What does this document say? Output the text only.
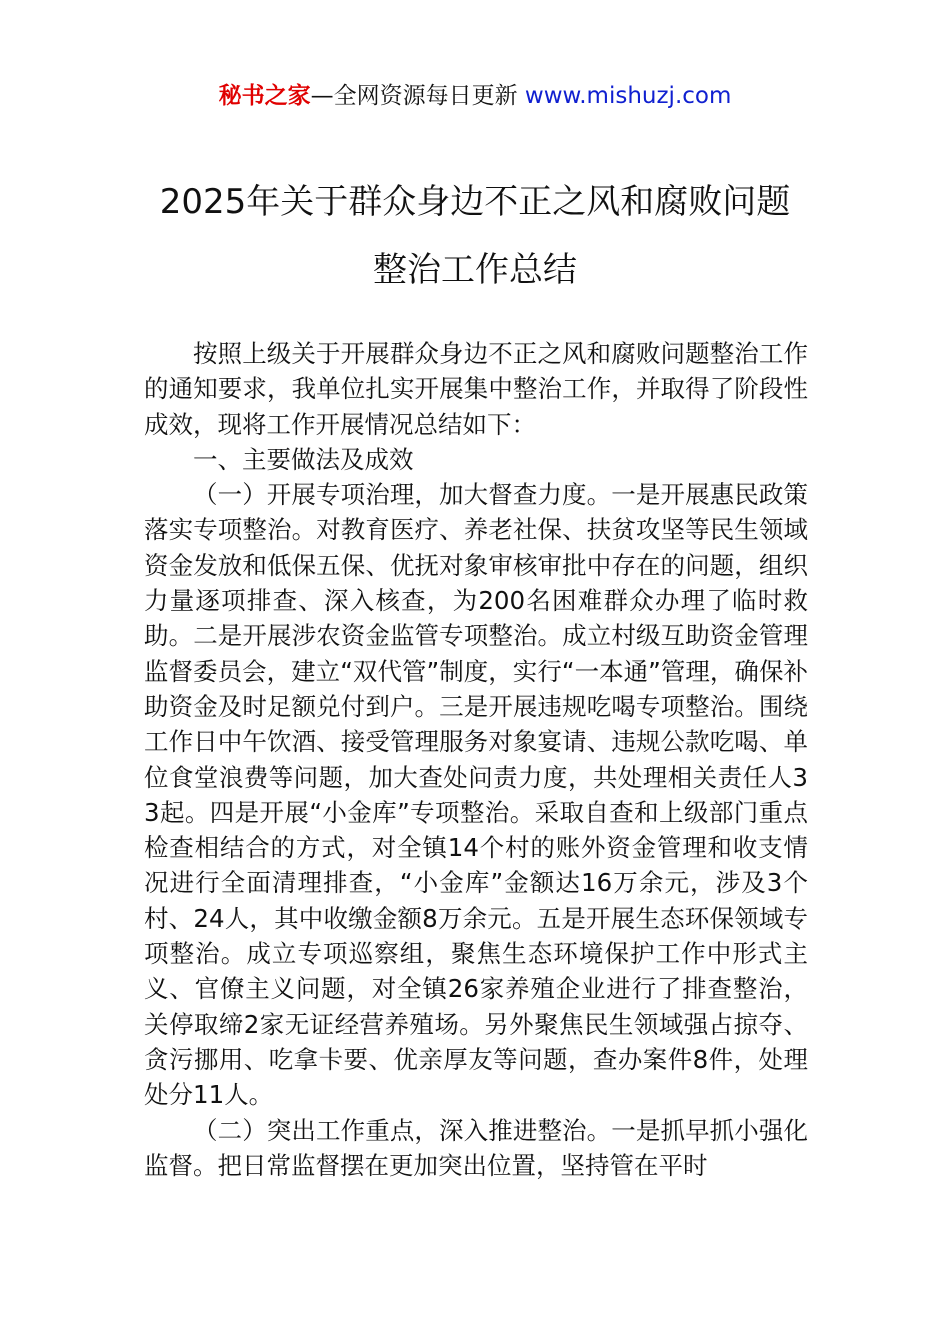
秘书之家—全网资源每日更新 www.mishuzj.com
2025年关于群众身边不正之风和腐败问题
整治工作总结

按照上级关于开展群众身边不正之风和腐败问题整治工作的通知要求，我单位扎实开展集中整治工作，并取得了阶段性成效，现将工作开展情况总结如下：

一、主要做法及成效

（一）开展专项治理，加大督查力度。一是开展惠民政策落实专项整治。对教育医疗、养老社保、扶贫攻坚等民生领域资金发放和低保五保、优抚对象审核审批中存在的问题，组织力量逐项排查、深入核查，为200名困难群众办理了临时救助。二是开展涉农资金监管专项整治。成立村级互助资金管理监督委员会，建立“双代管”制度，实行“一本通”管理，确保补助资金及时足额兑付到户。三是开展违规吃喝专项整治。围绕工作日中午饮酒、接受管理服务对象宴请、违规公款吃喝、单位食堂浪费等问题，加大查处问责力度，共处理相关责任人33起。四是开展“小金库”专项整治。采取自查和上级部门重点检查相结合的方式，对全镇14个村的账外资金管理和收支情况进行全面清理排查，“小金库”金额达16万余元，涉及3个村、24人，其中收缴金额8万余元。五是开展生态环保领域专项整治。成立专项巡察组，聚焦生态环境保护工作中形式主义、官僚主义问题，对全镇26家养殖企业进行了排查整治，关停取缔2家无证经营养殖场。另外聚焦民生领域强占掠夺、贪污挪用、吃拿卡要、优亲厚友等问题，查办案件8件，处理处分11人。

（二）突出工作重点，深入推进整治。一是抓早抓小强化监督。把日常监督摆在更加突出位置，坚持管在平时
